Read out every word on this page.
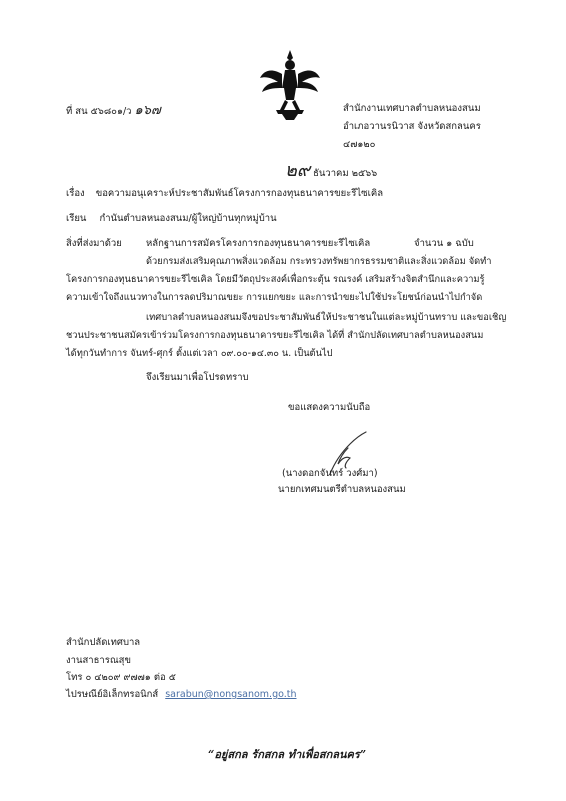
ที่ สน ๕๖๘๐๑/ว ๑๖๗	สำนักงานเทศบาลตำบลหนองสนม
อำเภอวานรนิวาส จังหวัดสกลนคร
๔๗๑๒๐
๒๙ ธันวาคม ๒๕๖๖
เรื่อง ขอความอนุเคราะห์ประชาสัมพันธ์โครงการกองทุนธนาคารขยะรีไซเคิล
เรียน กำนันตำบลหนองสนม/ผู้ใหญ่บ้านทุกหมู่บ้าน
สิ่งที่ส่งมาด้วย	หลักฐานการสมัครโครงการกองทุนธนาคารขยะรีไซเคิล	จำนวน ๑ ฉบับ
ด้วยกรมส่งเสริมคุณภาพสิ่งแวดล้อม กระทรวงทรัพยากรธรรมชาติและสิ่งแวดล้อม จัดทำ
โครงการกองทุนธนาคารขยะรีไซเคิล โดยมีวัตถุประสงค์เพื่อกระตุ้น รณรงค์ เสริมสร้างจิตสำนึกและความรู้
ความเข้าใจถึงแนวทางในการลดปริมาณขยะ การแยกขยะ และการนำขยะไปใช้ประโยชน์ก่อนนำไปกำจัด
เทศบาลตำบลหนองสนมจึงขอประชาสัมพันธ์ให้ประชาชนในแต่ละหมู่บ้านทราบ และขอเชิญ
ชวนประชาชนสมัครเข้าร่วมโครงการกองทุนธนาคารขยะรีไซเคิล ได้ที่ สำนักปลัดเทศบาลตำบลหนองสนม
ได้ทุกวันทำการ จันทร์-ศุกร์ ตั้งแต่เวลา ๐๙.๐๐-๑๔.๓๐ น. เป็นต้นไป
จึงเรียนมาเพื่อโปรดทราบ
ขอแสดงความนับถือ
(นางดอกจันทร์ วงศ์มา)
นายกเทศมนตรีตำบลหนองสนม
สำนักปลัดเทศบาล
งานสาธารณสุข
โทร ๐ ๔๒๐๙ ๙๗๗๑ ต่อ ๕
ไปรษณีย์อิเล็กทรอนิกส์ sarabun@nongsanom.go.th
“อยู่สกล รักสกล ทำเพื่อสกลนคร”
